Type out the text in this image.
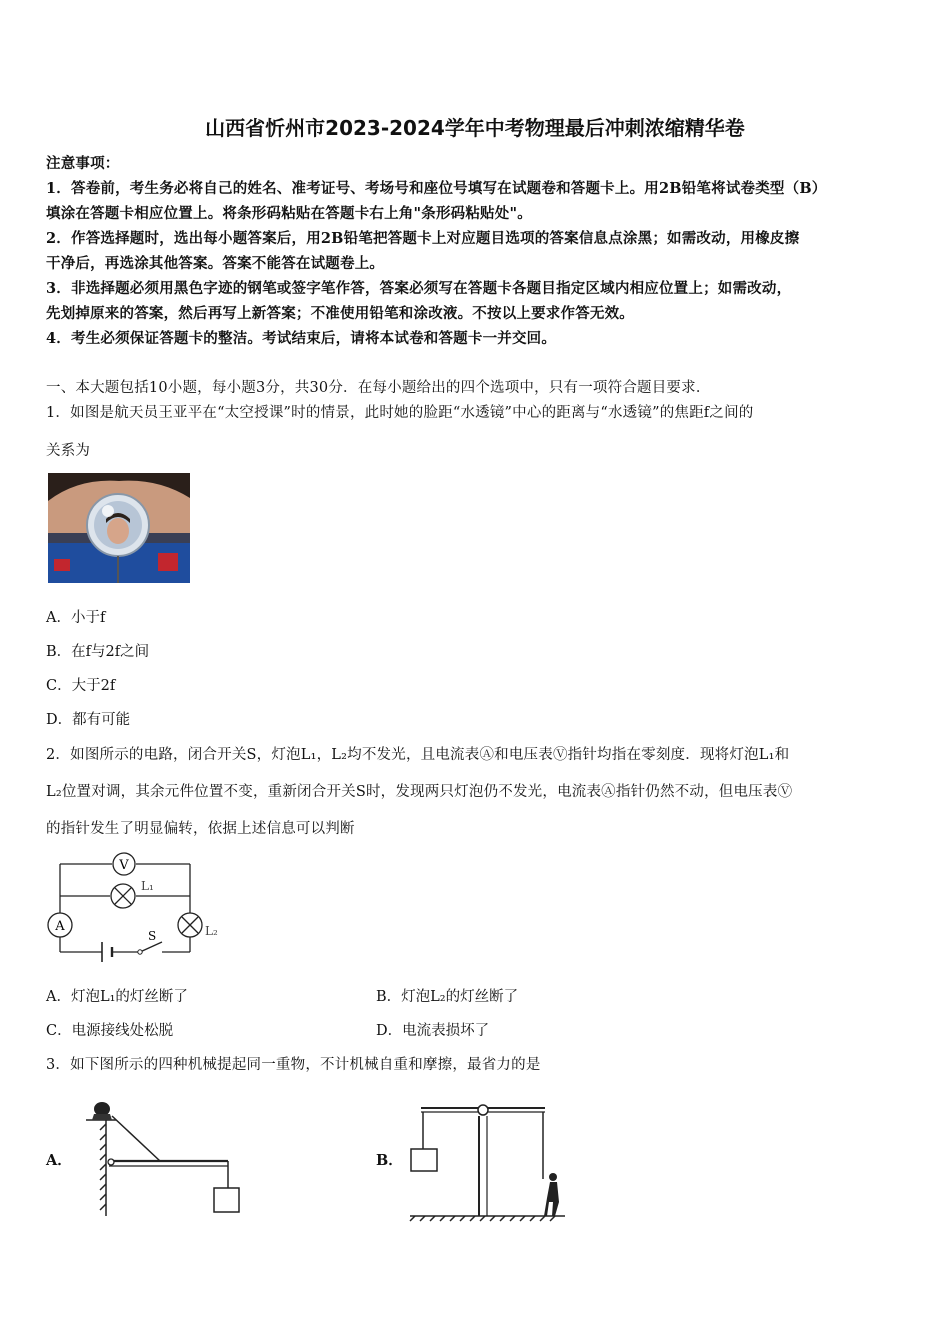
山西省忻州市2023-2024学年中考物理最后冲刺浓缩精华卷
注意事项：
1．答卷前，考生务必将自己的姓名、准考证号、考场号和座位号填写在试题卷和答题卡上。用2B铅笔将试卷类型（B）
填涂在答题卡相应位置上。将条形码粘贴在答题卡右上角"条形码粘贴处"。
2．作答选择题时，选出每小题答案后，用2B铅笔把答题卡上对应题目选项的答案信息点涂黑；如需改动，用橡皮擦
干净后，再选涂其他答案。答案不能答在试题卷上。
3．非选择题必须用黑色字迹的钢笔或签字笔作答，答案必须写在答题卡各题目指定区域内相应位置上；如需改动，
先划掉原来的答案，然后再写上新答案；不准使用铅笔和涂改液。不按以上要求作答无效。
4．考生必须保证答题卡的整洁。考试结束后，请将本试卷和答题卡一并交回。
一、本大题包括10小题，每小题3分，共30分．在每小题给出的四个选项中，只有一项符合题目要求．
1．如图是航天员王亚平在“太空授课”时的情景，此时她的脸距“水透镜”中心的距离与“水透镜”的焦距f之间的
关系为
A．小于f
B．在f与2f之间
C．大于2f
D．都有可能
2．如图所示的电路，闭合开关S，灯泡L₁，L₂均不发光，且电流表Ⓐ和电压表Ⓥ指针均指在零刻度．现将灯泡L₁和
L₂位置对调，其余元件位置不变，重新闭合开关S时，发现两只灯泡仍不发光，电流表Ⓐ指针仍然不动，但电压表Ⓥ
的指针发生了明显偏转，依据上述信息可以判断
V
L₁
A	L₂
S
A．灯泡L₁的灯丝断了	B．灯泡L₂的灯丝断了
C．电源接线处松脱	D．电流表损坏了
3．如下图所示的四种机械提起同一重物，不计机械自重和摩擦，最省力的是
A．	B．
